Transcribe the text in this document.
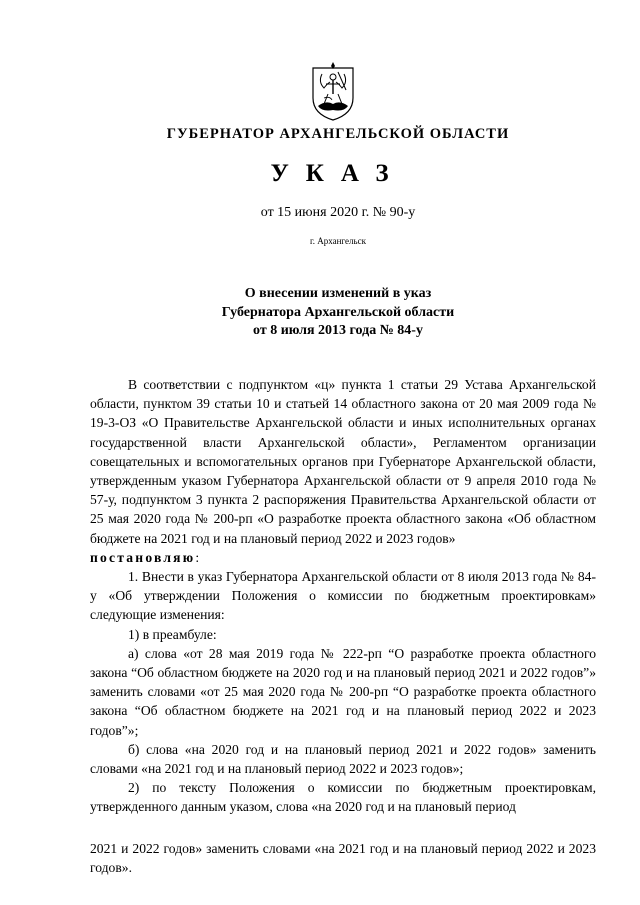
ГУБЕРНАТОР АРХАНГЕЛЬСКОЙ ОБЛАСТИ
УКАЗ
от 15 июня 2020 г. № 90-у
г. Архангельск
О внесении изменений в указ
Губернатора Архангельской области
от 8 июля 2013 года № 84-у

В соответствии с подпунктом «ц» пункта 1 статьи 29 Устава Архангельской области, пунктом 39 статьи 10 и статьей 14 областного закона от 20 мая 2009 года № 19-3-ОЗ «О Правительстве Архангельской области и иных исполнительных органах государственной власти Архангельской области», Регламентом организации совещательных и вспомогательных органов при Губернаторе Архангельской области, утвержденным указом Губернатора Архангельской области от 9 апреля 2010 года № 57-у, подпунктом 3 пункта 2 распоряжения Правительства Архангельской области от 25 мая 2020 года № 200-рп «О разработке проекта областного закона «Об областном бюджете на 2021 год и на плановый период 2022 и 2023 годов»

постановляю:

1. Внести в указ Губернатора Архангельской области от 8 июля 2013 года № 84-у «Об утверждении Положения о комиссии по бюджетным проектировкам» следующие изменения:

1) в преамбуле:

а) слова «от 28 мая 2019 года № 222-рп “О разработке проекта областного закона “Об областном бюджете на 2020 год и на плановый период 2021 и 2022 годов”» заменить словами «от 25 мая 2020 года № 200-рп “О разработке проекта областного закона “Об областном бюджете на 2021 год и на плановый период 2022 и 2023 годов”»;

б) слова «на 2020 год и на плановый период 2021 и 2022 годов» заменить словами «на 2021 год и на плановый период 2022 и 2023 годов»;

2) по тексту Положения о комиссии по бюджетным проектировкам, утвержденного данным указом, слова «на 2020 год и на плановый период

2021 и 2022 годов» заменить словами «на 2021 год и на плановый период 2022 и 2023 годов».
